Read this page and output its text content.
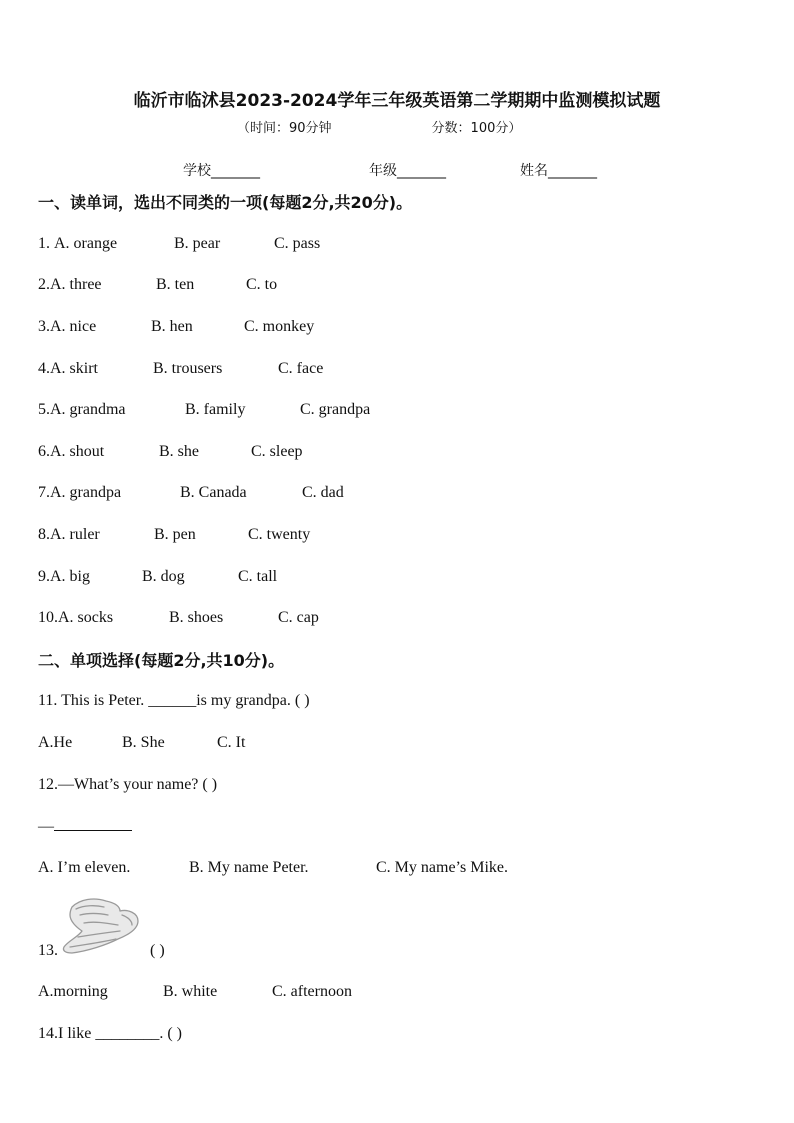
临沂市临沭县2023-2024学年三年级英语第二学期期中监测模拟试题
（时间：90分钟	分数：100分）
学校_______	年级_______	姓名_______
一、读单词，选出不同类的一项(每题2分,共20分)。
1. A. orange	B. pear	C. pass
2.A. three	B. ten	C. to
3.A. nice	B. hen	C. monkey
4.A. skirt	B. trousers	C. face
5.A. grandma	B. family	C. grandpa
6.A. shout	B. she	C. sleep
7.A. grandpa	B. Canada	C. dad
8.A. ruler	B. pen	C. twenty
9.A. big	B. dog	C. tall
10.A. socks	B. shoes	C. cap
二、单项选择(每题2分,共10分)。
11. This is Peter. ______is my grandpa. ( )
A.He	B. She	C. It
12.—What’s your name? ( )
—
A. I’m eleven.	B. My name Peter.	C. My name’s Mike.
13.	( )
A.morning	B. white	C. afternoon
14.I like ________. ( )
